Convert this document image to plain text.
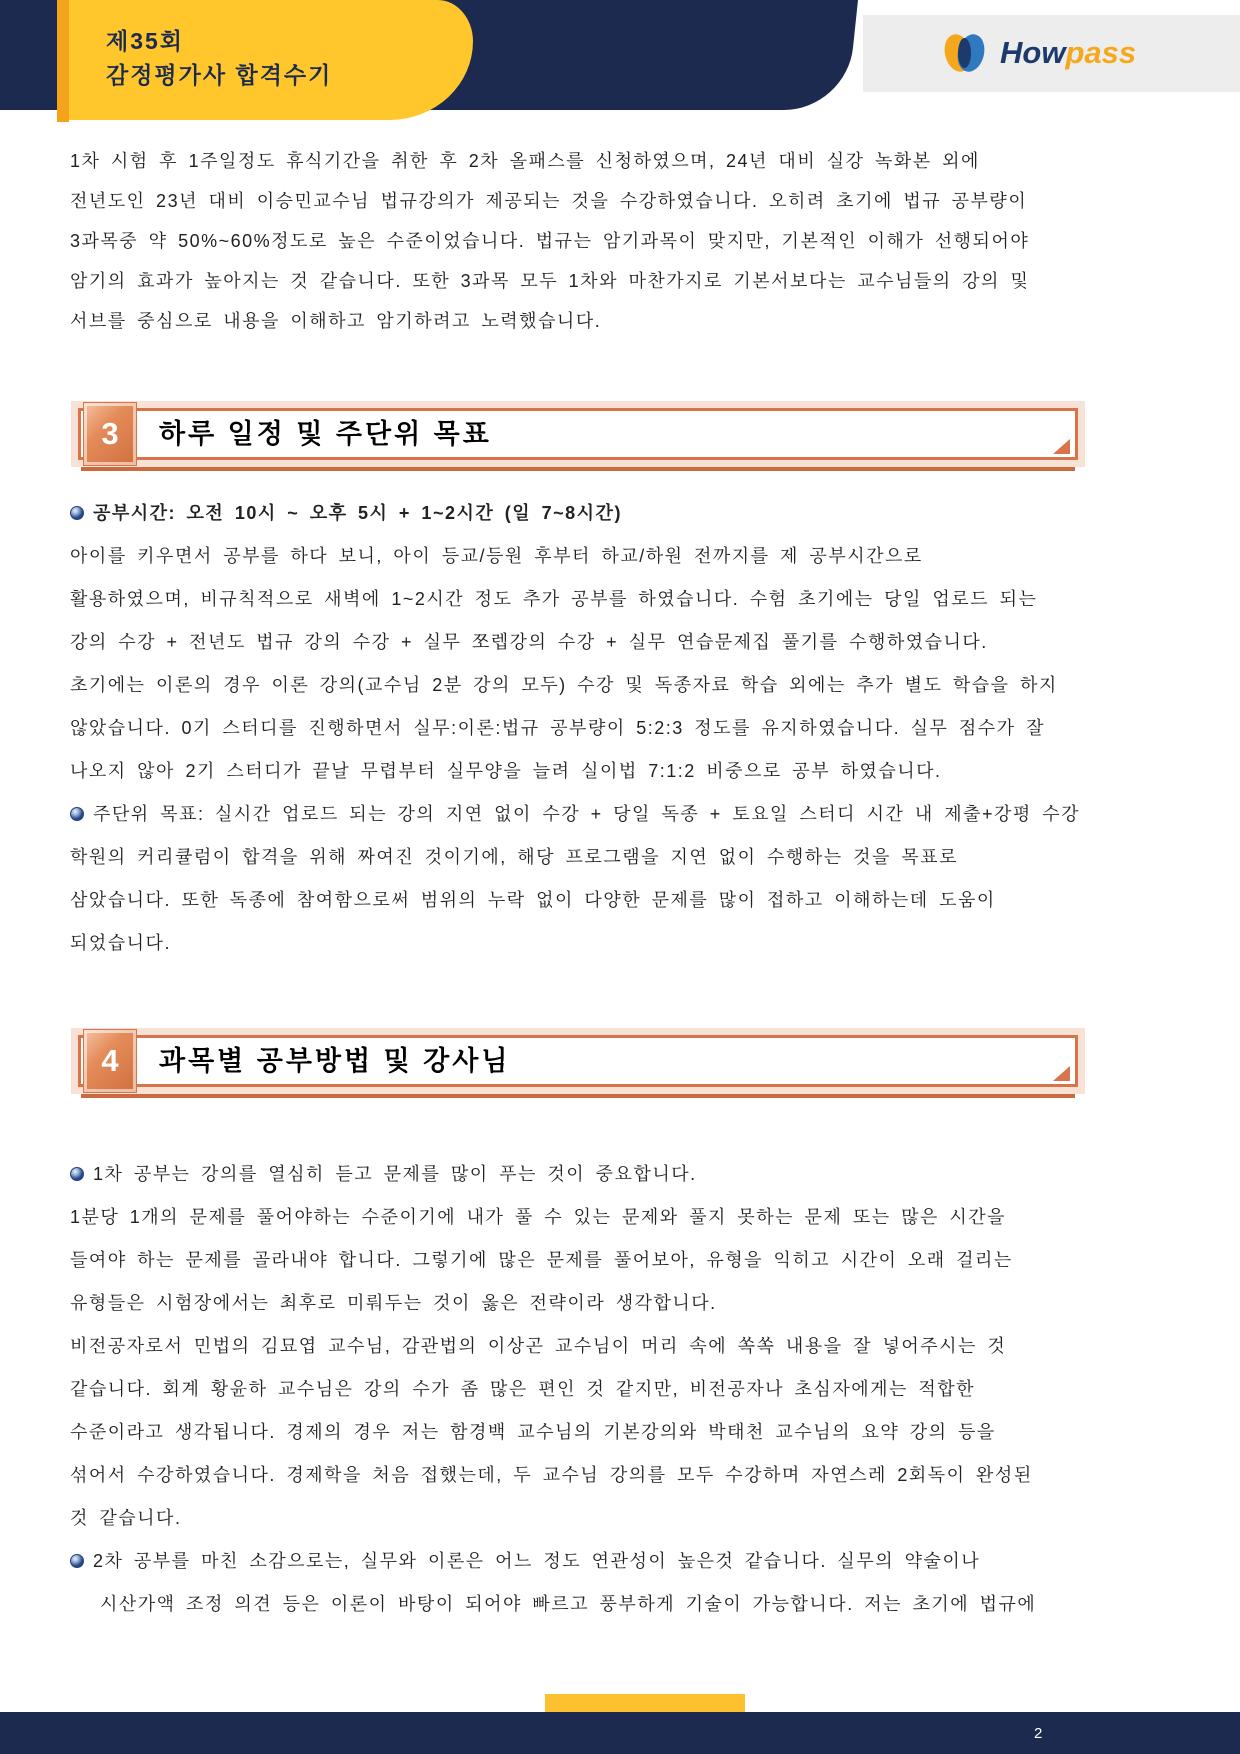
제35회
감정평가사 합격수기
Howpass
1차 시험 후 1주일정도 휴식기간을 취한 후 2차 올패스를 신청하였으며, 24년 대비 실강 녹화본 외에
전년도인 23년 대비 이승민교수님 법규강의가 제공되는 것을 수강하였습니다. 오히려 초기에 법규 공부량이
3과목중 약 50%~60%정도로 높은 수준이었습니다. 법규는 암기과목이 맞지만, 기본적인 이해가 선행되어야
암기의 효과가 높아지는 것 같습니다. 또한 3과목 모두 1차와 마찬가지로 기본서보다는 교수님들의 강의 및
서브를 중심으로 내용을 이해하고 암기하려고 노력했습니다.
3	하루 일정 및 주단위 목표
공부시간: 오전 10시 ~ 오후 5시 + 1~2시간 (일 7~8시간)
아이를 키우면서 공부를 하다 보니, 아이 등교/등원 후부터 하교/하원 전까지를 제 공부시간으로
활용하였으며, 비규칙적으로 새벽에 1~2시간 정도 추가 공부를 하였습니다. 수험 초기에는 당일 업로드 되는
강의 수강 + 전년도 법규 강의 수강 + 실무 쪼렙강의 수강 + 실무 연습문제집 풀기를 수행하였습니다.
초기에는 이론의 경우 이론 강의(교수님 2분 강의 모두) 수강 및 독종자료 학습 외에는 추가 별도 학습을 하지
않았습니다. 0기 스터디를 진행하면서 실무:이론:법규 공부량이 5:2:3 정도를 유지하였습니다. 실무 점수가 잘
나오지 않아 2기 스터디가 끝날 무렵부터 실무양을 늘려 실이법 7:1:2 비중으로 공부 하였습니다.
주단위 목표: 실시간 업로드 되는 강의 지연 없이 수강 + 당일 독종 + 토요일 스터디 시간 내 제출+강평 수강
학원의 커리큘럼이 합격을 위해 짜여진 것이기에, 해당 프로그램을 지연 없이 수행하는 것을 목표로
삼았습니다. 또한 독종에 참여함으로써 범위의 누락 없이 다양한 문제를 많이 접하고 이해하는데 도움이
되었습니다.
4	과목별 공부방법 및 강사님
1차 공부는 강의를 열심히 듣고 문제를 많이 푸는 것이 중요합니다.
1분당 1개의 문제를 풀어야하는 수준이기에 내가 풀 수 있는 문제와 풀지 못하는 문제 또는 많은 시간을
들여야 하는 문제를 골라내야 합니다. 그렇기에 많은 문제를 풀어보아, 유형을 익히고 시간이 오래 걸리는
유형들은 시험장에서는 최후로 미뤄두는 것이 옳은 전략이라 생각합니다.
비전공자로서 민법의 김묘엽 교수님, 감관법의 이상곤 교수님이 머리 속에 쏙쏙 내용을 잘 넣어주시는 것
같습니다. 회계 황윤하 교수님은 강의 수가 좀 많은 편인 것 같지만, 비전공자나 초심자에게는 적합한
수준이라고 생각됩니다. 경제의 경우 저는 함경백 교수님의 기본강의와 박태천 교수님의 요약 강의 등을
섞어서 수강하였습니다. 경제학을 처음 접했는데, 두 교수님 강의를 모두 수강하며 자연스레 2회독이 완성된
것 같습니다.
2차 공부를 마친 소감으로는, 실무와 이론은 어느 정도 연관성이 높은것 같습니다. 실무의 약술이나
시산가액 조정 의견 등은 이론이 바탕이 되어야 빠르고 풍부하게 기술이 가능합니다. 저는 초기에 법규에
2
